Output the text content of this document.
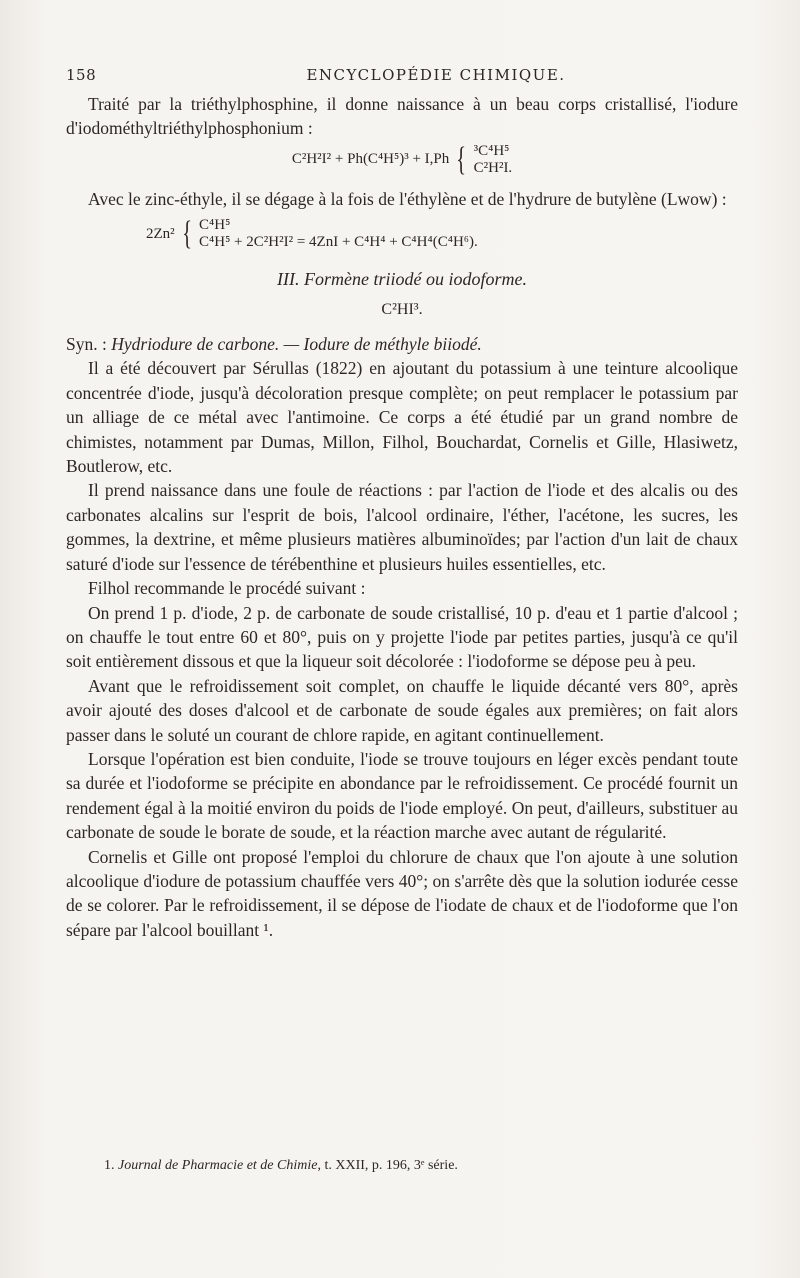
158	ENCYCLOPÉDIE CHIMIQUE.

Traité par la triéthylphosphine, il donne naissance à un beau corps cristallisé, l'iodure d'iodométhyltriéthylphosphonium :

C²H²I² + Ph(C⁴H⁵)³ + I,Ph { ³C⁴H⁵
C²H²I.

Avec le zinc-éthyle, il se dégage à la fois de l'éthylène et de l'hydrure de butylène (Lwow) :

2Zn² { C⁴H⁵
C⁴H⁵ + 2C²H²I² = 4ZnI + C⁴H⁴ + C⁴H⁴(C⁴H⁶).
III. Formène triiodé ou iodoforme.
C²HI³.

Syn. : Hydriodure de carbone. — Iodure de méthyle biiodé.

Il a été découvert par Sérullas (1822) en ajoutant du potassium à une teinture alcoolique concentrée d'iode, jusqu'à décoloration presque complète; on peut remplacer le potassium par un alliage de ce métal avec l'antimoine. Ce corps a été étudié par un grand nombre de chimistes, notamment par Dumas, Millon, Filhol, Bouchardat, Cornelis et Gille, Hlasiwetz, Boutlerow, etc.

Il prend naissance dans une foule de réactions : par l'action de l'iode et des alcalis ou des carbonates alcalins sur l'esprit de bois, l'alcool ordinaire, l'éther, l'acétone, les sucres, les gommes, la dextrine, et même plusieurs matières albuminoïdes; par l'action d'un lait de chaux saturé d'iode sur l'essence de térébenthine et plusieurs huiles essentielles, etc.

Filhol recommande le procédé suivant :

On prend 1 p. d'iode, 2 p. de carbonate de soude cristallisé, 10 p. d'eau et 1 partie d'alcool ; on chauffe le tout entre 60 et 80°, puis on y projette l'iode par petites parties, jusqu'à ce qu'il soit entièrement dissous et que la liqueur soit décolorée : l'iodoforme se dépose peu à peu.

Avant que le refroidissement soit complet, on chauffe le liquide décanté vers 80°, après avoir ajouté des doses d'alcool et de carbonate de soude égales aux premières; on fait alors passer dans le soluté un courant de chlore rapide, en agitant continuellement.

Lorsque l'opération est bien conduite, l'iode se trouve toujours en léger excès pendant toute sa durée et l'iodoforme se précipite en abondance par le refroidissement. Ce procédé fournit un rendement égal à la moitié environ du poids de l'iode employé. On peut, d'ailleurs, substituer au carbonate de soude le borate de soude, et la réaction marche avec autant de régularité.

Cornelis et Gille ont proposé l'emploi du chlorure de chaux que l'on ajoute à une solution alcoolique d'iodure de potassium chauffée vers 40°; on s'arrête dès que la solution iodurée cesse de se colorer. Par le refroidissement, il se dépose de l'iodate de chaux et de l'iodoforme que l'on sépare par l'alcool bouillant ¹.

1. Journal de Pharmacie et de Chimie, t. XXII, p. 196, 3ᵉ série.
